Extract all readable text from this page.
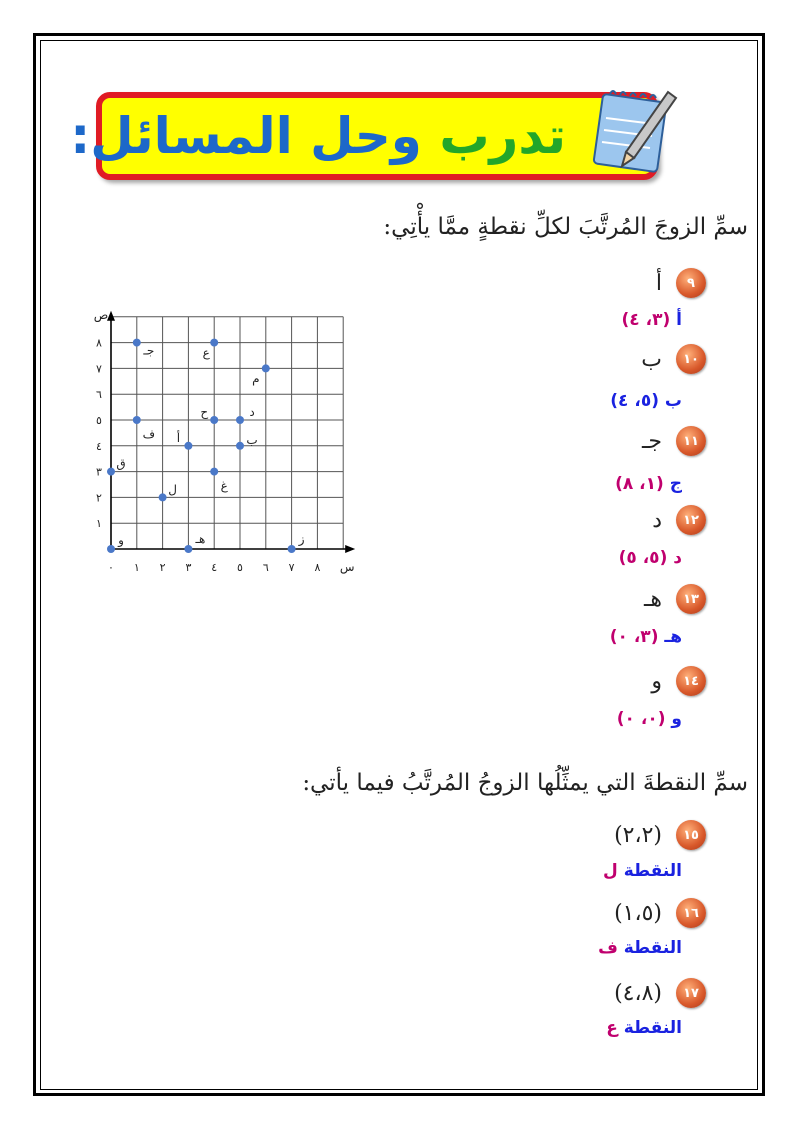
تدرب وحل المسائل:
سمِّ الزوجَ المُرتَّبَ لكلِّ نقطةٍ ممَّا يأْتِي:
٩
أ
أ (٣، ٤)
١٠
ب
ب (٥، ٤)
١١
جـ
ج (١، ٨)
١٢
د
د (٥، ٥)
١٣
هـ
هـ (٣، ٠)
١٤
و
و (٠، ٠)
سمِّ النقطةَ التي يمثِّلُها الزوجُ المُرتَّبُ فيما يأتي:
١٥
(٢،٢)
النقطة ل
١٦
(١،٥)
النقطة ف
١٧
(٤،٨)
النقطة ع
س
ص
٠ ١ ٢ ٣ ٤ ٥ ٦ ٧ ٨
١
٢
٣
٤
٥
٦
٧
٨
جـ	ع
م
ح	د
ف أ	ب
ق
غ
ل
و	هـ	ز
